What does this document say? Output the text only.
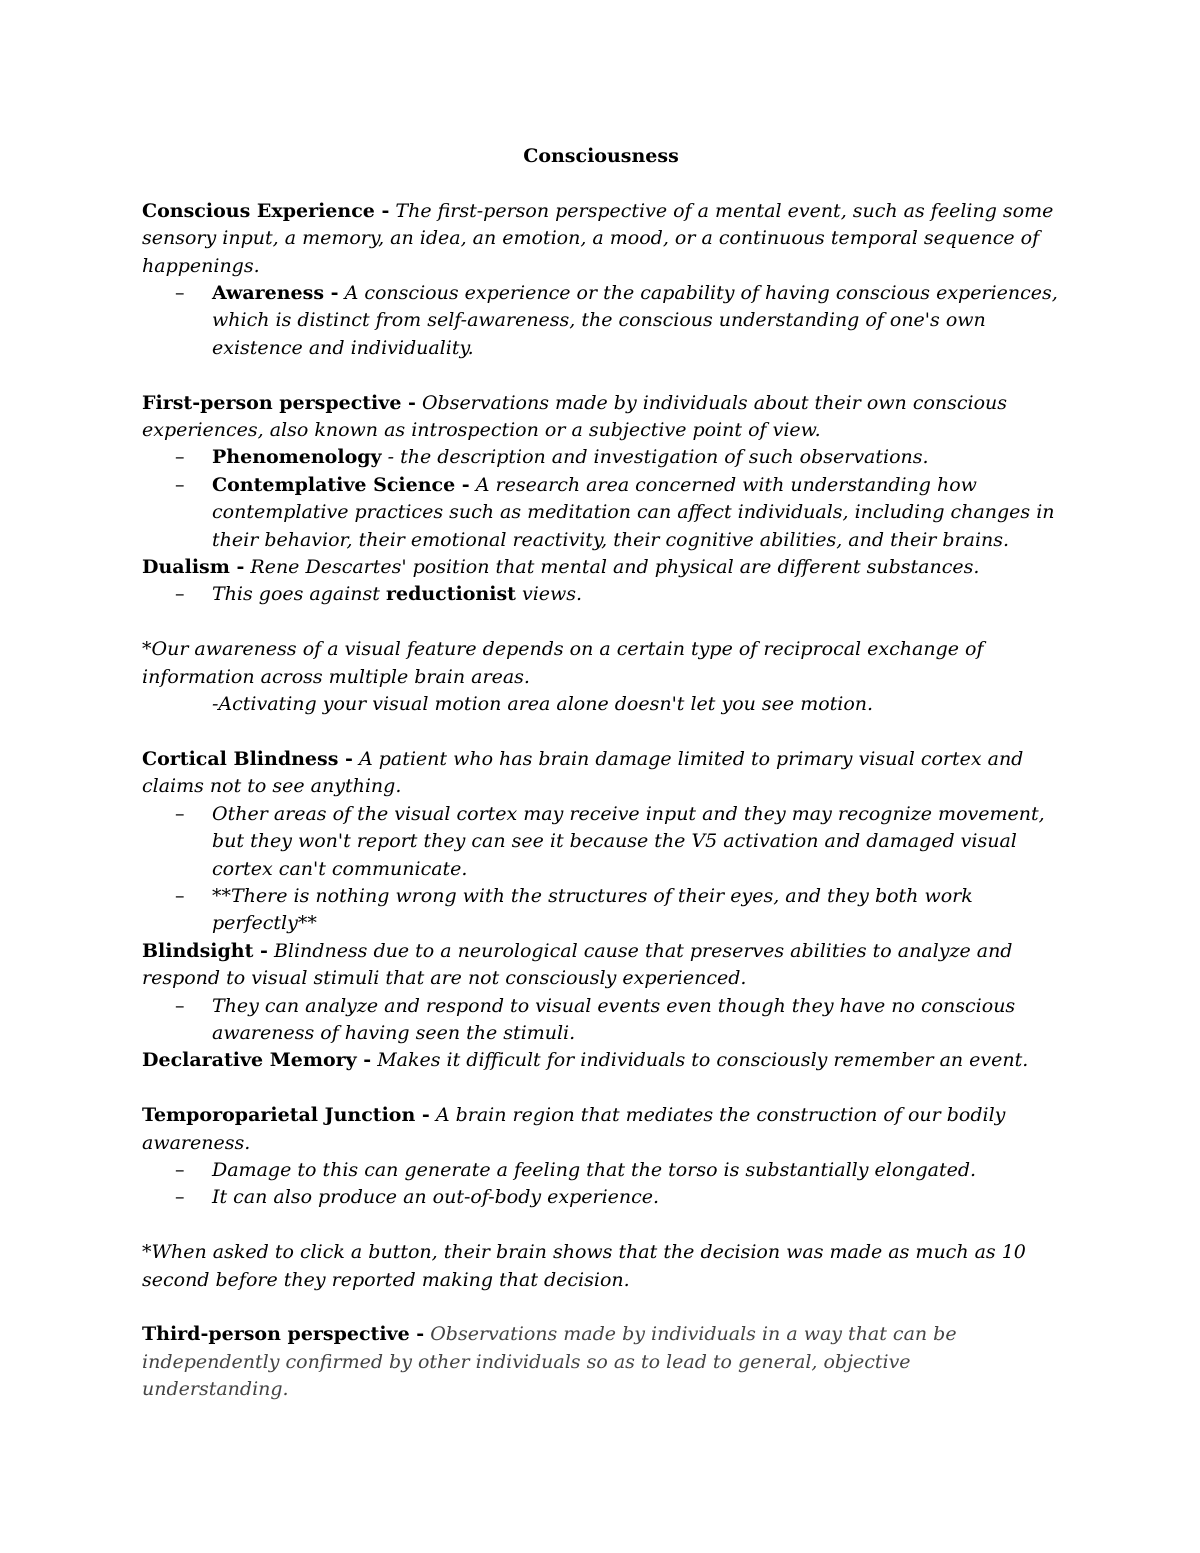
Consciousness

Conscious Experience - The first-person perspective of a mental event, such as feeling some sensory input, a memory, an idea, an emotion, a mood, or a continuous temporal sequence of happenings.

– Awareness - A conscious experience or the capability of having conscious experiences, which is distinct from self-awareness, the conscious understanding of one's own existence and individuality.

First-person perspective - Observations made by individuals about their own conscious experiences, also known as introspection or a subjective point of view.

– Phenomenology - the description and investigation of such observations.
– Contemplative Science - A research area concerned with understanding how contemplative practices such as meditation can affect individuals, including changes in their behavior, their emotional reactivity, their cognitive abilities, and their brains.

Dualism - Rene Descartes' position that mental and physical are different substances.

– This goes against reductionist views.

*Our awareness of a visual feature depends on a certain type of reciprocal exchange of information across multiple brain areas.

-Activating your visual motion area alone doesn't let you see motion.

Cortical Blindness - A patient who has brain damage limited to primary visual cortex and claims not to see anything.

– Other areas of the visual cortex may receive input and they may recognize movement, but they won't report they can see it because the V5 activation and damaged visual cortex can't communicate.
– **There is nothing wrong with the structures of their eyes, and they both work perfectly**

Blindsight - Blindness due to a neurological cause that preserves abilities to analyze and respond to visual stimuli that are not consciously experienced.

– They can analyze and respond to visual events even though they have no conscious awareness of having seen the stimuli.

Declarative Memory - Makes it difficult for individuals to consciously remember an event.

Temporoparietal Junction - A brain region that mediates the construction of our bodily awareness.

– Damage to this can generate a feeling that the torso is substantially elongated.
– It can also produce an out-of-body experience.

*When asked to click a button, their brain shows that the decision was made as much as 10 second before they reported making that decision.

Third-person perspective - Observations made by individuals in a way that can be independently confirmed by other individuals so as to lead to general, objective understanding.
